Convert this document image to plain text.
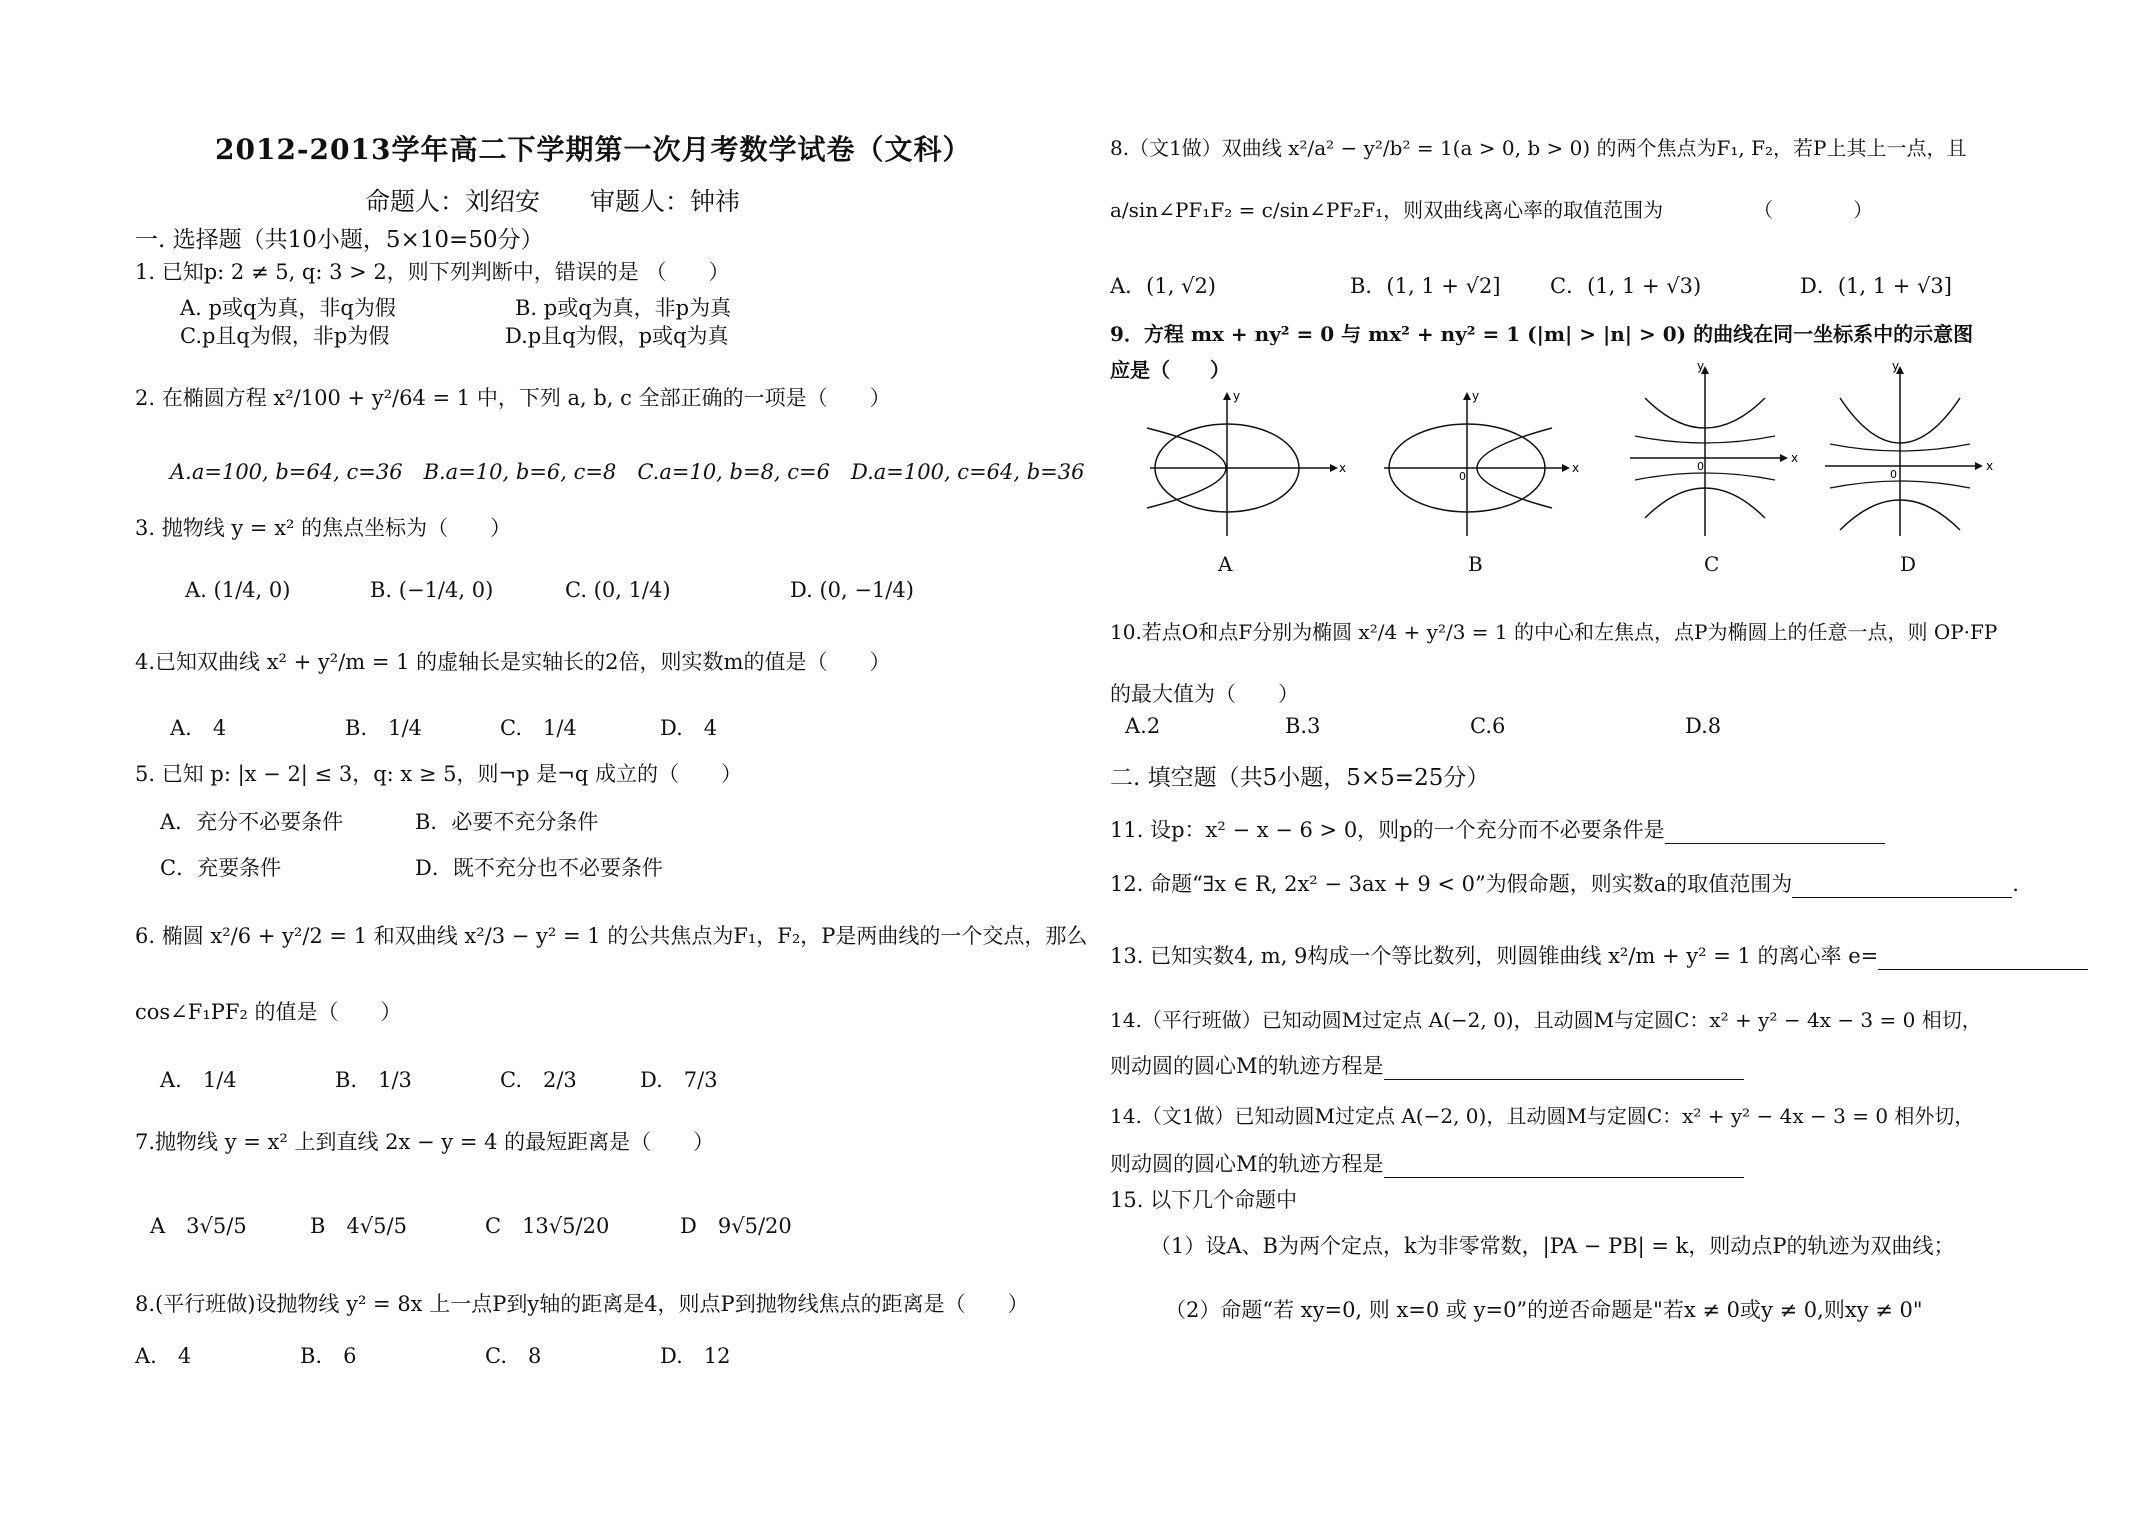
2012-2013学年高二下学期第一次月考数学试卷（文科）
命题人：刘绍安　　审题人：钟祎
一. 选择题（共10小题，5×10=50分）
1. 已知p: 2 ≠ 5, q: 3 > 2，则下列判断中，错误的是 （　　）
A. p或q为真，非q为假	B. p或q为真，非p为真
C.p且q为假，非p为假	D.p且q为假，p或q为真
2. 在椭圆方程 x²/100 + y²/64 = 1 中，下列 a, b, c 全部正确的一项是（　　）
A.a=100, b=64, c=36　B.a=10, b=6, c=8　C.a=10, b=8, c=6　D.a=100, c=64, b=36
3. 抛物线 y = x² 的焦点坐标为（　　）
A. (1/4, 0)	B. (−1/4, 0)	C. (0, 1/4)	D. (0, −1/4)
4.已知双曲线 x² + y²/m = 1 的虚轴长是实轴长的2倍，则实数m的值是（　　）
A.　4	B.　1/4	C.　1/4	D.　4
5. 已知 p: |x − 2| ≤ 3，q: x ≥ 5，则¬p 是¬q 成立的（　　）
A．充分不必要条件	B．必要不充分条件
C．充要条件	D．既不充分也不必要条件
6. 椭圆 x²/6 + y²/2 = 1 和双曲线 x²/3 − y² = 1 的公共焦点为F₁，F₂，P是两曲线的一个交点，那么
cos∠F₁PF₂ 的值是（　　）
A.　1/4	B.　1/3	C.　2/3	D.　7/3
7.抛物线 y = x² 上到直线 2x − y = 4 的最短距离是（　　）
A　3√5/5	B　4√5/5	C　13√5/20	D　9√5/20
8.(平行班做)设抛物线 y² = 8x 上一点P到y轴的距离是4，则点P到抛物线焦点的距离是（　　）
A.　4	B.　6	C.　8	D.　12
8.（文1做）双曲线 x²/a² − y²/b² = 1(a > 0, b > 0) 的两个焦点为F₁, F₂，若P上其上一点，且
a/sin∠PF₁F₂ = c/sin∠PF₂F₁，则双曲线离心率的取值范围为　　　　　（　　　　）
A．(1, √2)	B．(1, 1 + √2] C．(1, 1 + √3)	D．(1, 1 + √3]
9．方程 mx + ny² = 0 与 mx² + ny² = 1 (|m| > |n| > 0) 的曲线在同一坐标系中的示意图
应是（　　）
x
y
A
0
x
y
B
0
x
y
C
0
x
y
D
10.若点O和点F分别为椭圆 x²/4 + y²/3 = 1 的中心和左焦点，点P为椭圆上的任意一点，则 OP·FP
的最大值为（　　）
A.2	B.3	C.6	D.8
二. 填空题（共5小题，5×5=25分）
11. 设p：x² − x − 6 > 0，则p的一个充分而不必要条件是
12. 命题“∃x ∈ R, 2x² − 3ax + 9 < 0”为假命题，则实数a的取值范围为	.
13. 已知实数4, m, 9构成一个等比数列，则圆锥曲线 x²/m + y² = 1 的离心率 e=
14.（平行班做）已知动圆M过定点 A(−2, 0)，且动圆M与定圆C：x² + y² − 4x − 3 = 0 相切，
则动圆的圆心M的轨迹方程是
14.（文1做）已知动圆M过定点 A(−2, 0)，且动圆M与定圆C：x² + y² − 4x − 3 = 0 相外切，
则动圆的圆心M的轨迹方程是
15. 以下几个命题中
（1）设A、B为两个定点，k为非零常数，|PA − PB| = k，则动点P的轨迹为双曲线；
（2）命题“若 xy=0, 则 x=0 或 y=0”的逆否命题是"若x ≠ 0或y ≠ 0,则xy ≠ 0"
